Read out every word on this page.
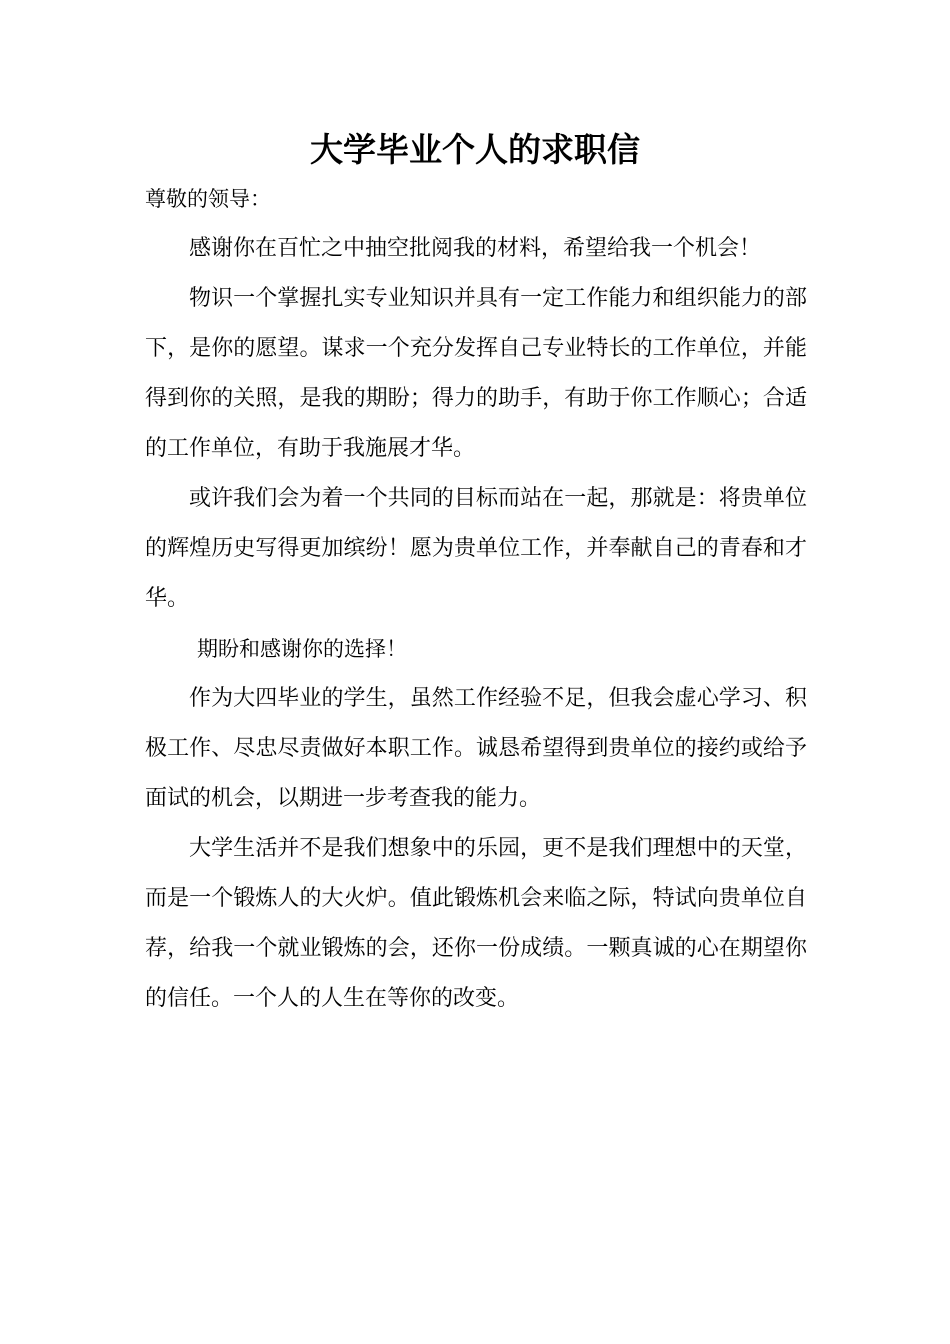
大学毕业个人的求职信

尊敬的领导：

感谢你在百忙之中抽空批阅我的材料，希望给我一个机会！

物识一个掌握扎实专业知识并具有一定工作能力和组织能力的部下，是你的愿望。谋求一个充分发挥自己专业特长的工作单位，并能得到你的关照，是我的期盼；得力的助手，有助于你工作顺心；合适的工作单位，有助于我施展才华。

或许我们会为着一个共同的目标而站在一起，那就是：将贵单位的辉煌历史写得更加缤纷！愿为贵单位工作，并奉献自己的青春和才华。

期盼和感谢你的选择！

作为大四毕业的学生，虽然工作经验不足，但我会虚心学习、积极工作、尽忠尽责做好本职工作。诚恳希望得到贵单位的接约或给予面试的机会，以期进一步考查我的能力。

大学生活并不是我们想象中的乐园，更不是我们理想中的天堂，而是一个锻炼人的大火炉。值此锻炼机会来临之际，特试向贵单位自荐，给我一个就业锻炼的会，还你一份成绩。一颗真诚的心在期望你的信任。一个人的人生在等你的改变。
